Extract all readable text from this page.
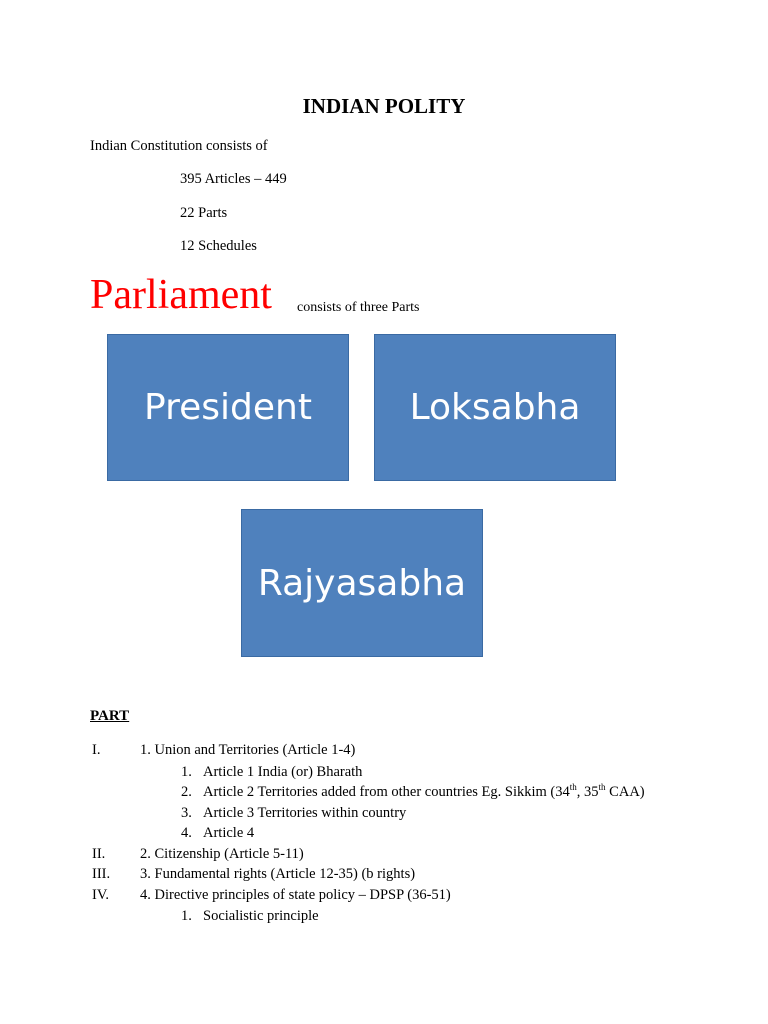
INDIAN POLITY
Indian Constitution consists of
395 Articles – 449
22 Parts
12 Schedules
Parliament consists of three Parts
President	Loksabha
Rajyasabha
PART
I.	1. Union and Territories (Article 1-4)
1. Article 1 India (or) Bharath
2. Article 2 Territories added from other countries Eg. Sikkim (34th, 35th CAA)
3. Article 3 Territories within country
4. Article 4
II. 2. Citizenship (Article 5-11)
III. 3. Fundamental rights (Article 12-35) (b rights)
IV. 4. Directive principles of state policy – DPSP (36-51)
1. Socialistic principle
